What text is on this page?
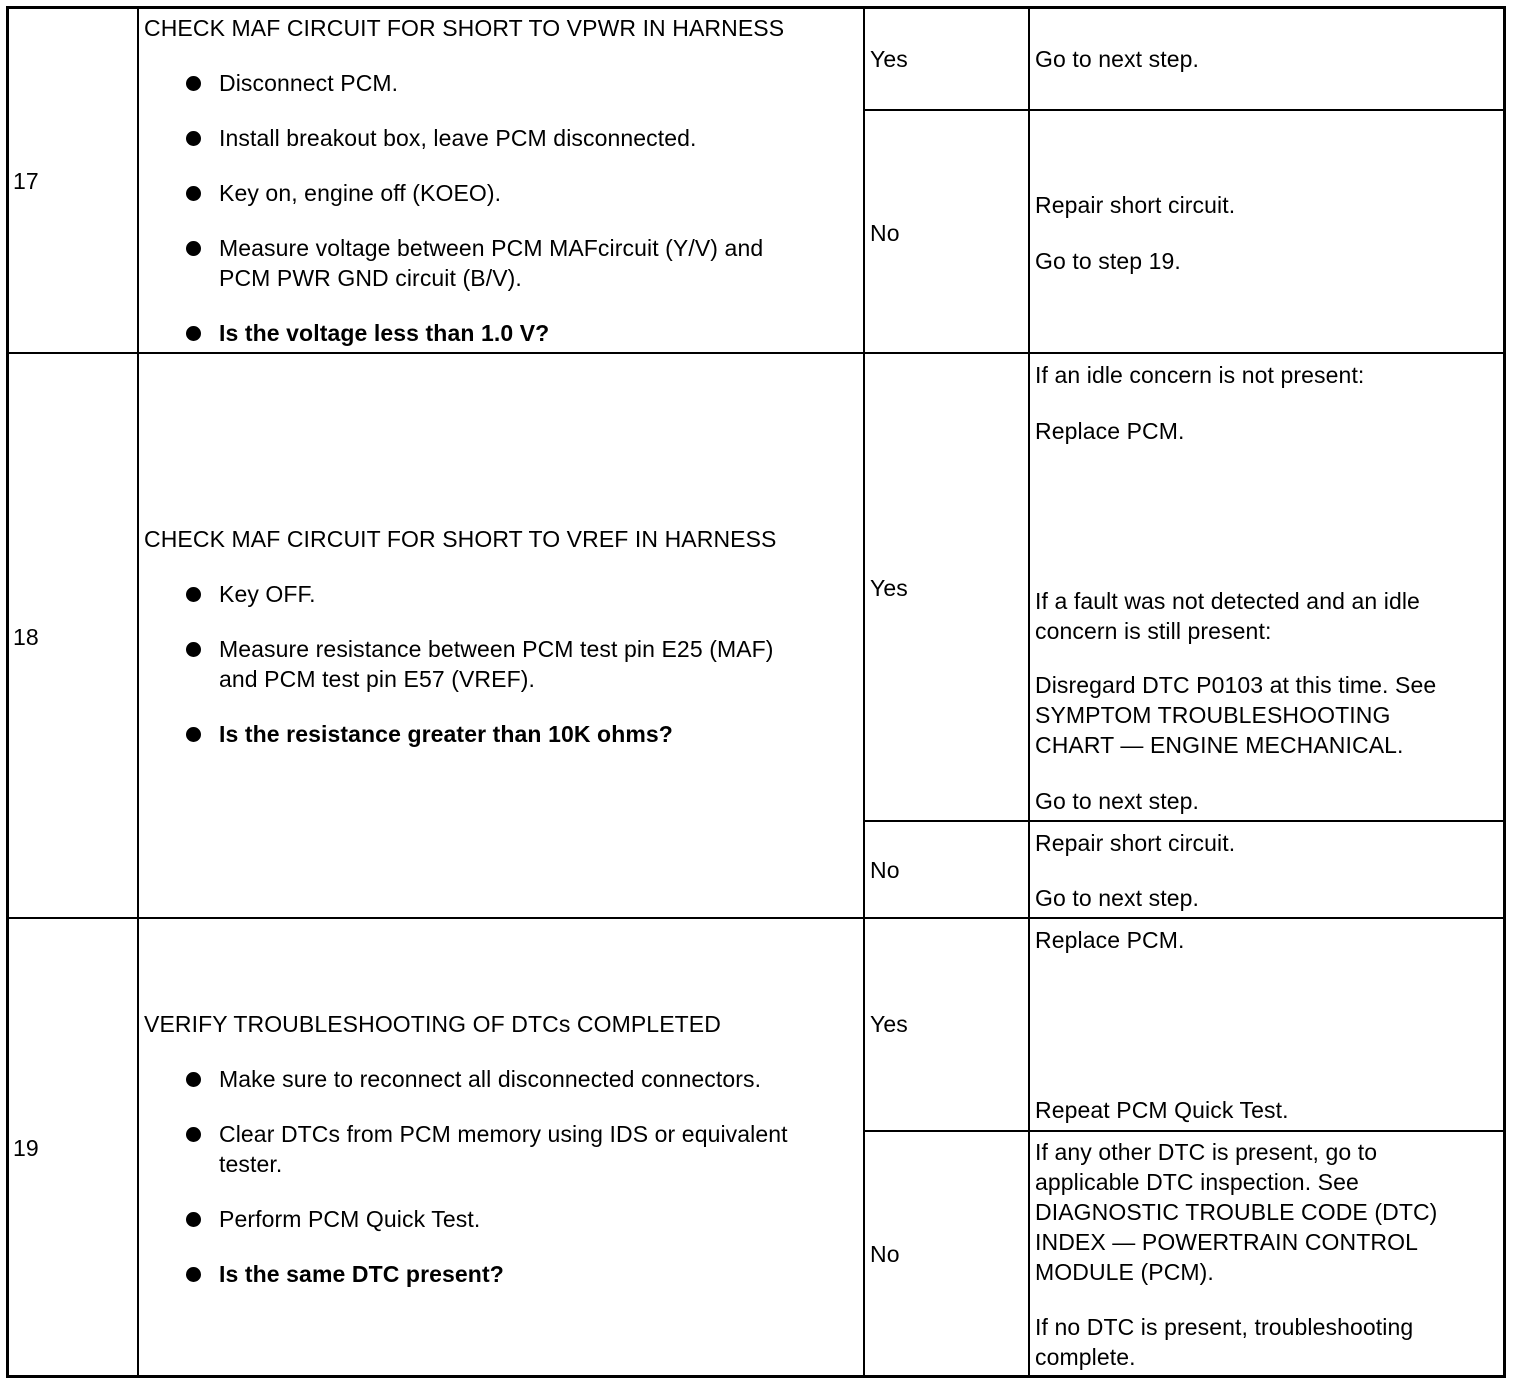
17
CHECK MAF CIRCUIT FOR SHORT TO VPWR IN HARNESS
Disconnect PCM.
Install breakout box, leave PCM disconnected.
Key on, engine off (KOEO).
Measure voltage between PCM MAFcircuit (Y/V) and
PCM PWR GND circuit (B/V).
Is the voltage less than 1.0 V?
Yes	Go to next step.
No
Repair short circuit.
Go to step 19.
18
CHECK MAF CIRCUIT FOR SHORT TO VREF IN HARNESS
Key OFF.
Measure resistance between PCM test pin E25 (MAF)
and PCM test pin E57 (VREF).
Is the resistance greater than 10K ohms?
Yes
If an idle concern is not present:
Replace PCM.
If a fault was not detected and an idle
concern is still present:
Disregard DTC P0103 at this time. See
SYMPTOM TROUBLESHOOTING
CHART — ENGINE MECHANICAL.
Go to next step.
No
Repair short circuit.
Go to next step.
19
VERIFY TROUBLESHOOTING OF DTCs COMPLETED
Make sure to reconnect all disconnected connectors.
Clear DTCs from PCM memory using IDS or equivalent
tester.
Perform PCM Quick Test.
Is the same DTC present?
Yes
Replace PCM.
Repeat PCM Quick Test.
No
If any other DTC is present, go to
applicable DTC inspection. See
DIAGNOSTIC TROUBLE CODE (DTC)
INDEX — POWERTRAIN CONTROL
MODULE (PCM).
If no DTC is present, troubleshooting
complete.
